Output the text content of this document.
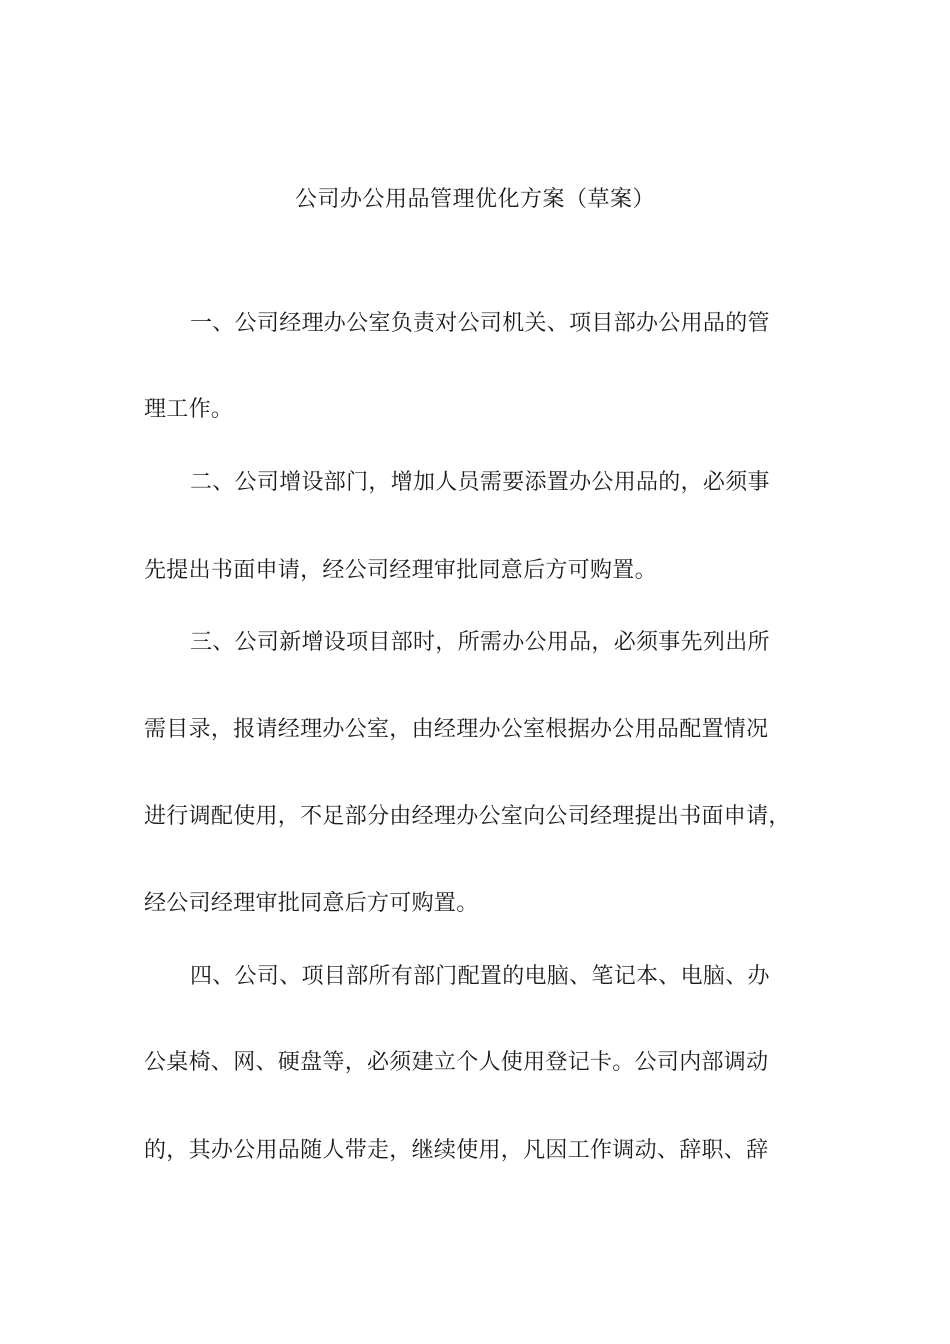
公司办公用品管理优化方案（草案）
一、公司经理办公室负责对公司机关、项目部办公用品的管
理工作。
二、公司增设部门，增加人员需要添置办公用品的，必须事
先提出书面申请，经公司经理审批同意后方可购置。
三、公司新增设项目部时，所需办公用品，必须事先列出所
需目录，报请经理办公室，由经理办公室根据办公用品配置情况
进行调配使用，不足部分由经理办公室向公司经理提出书面申请，
经公司经理审批同意后方可购置。
四、公司、项目部所有部门配置的电脑、笔记本、电脑、办
公桌椅、网、硬盘等，必须建立个人使用登记卡。公司内部调动
的，其办公用品随人带走，继续使用，凡因工作调动、辞职、辞
